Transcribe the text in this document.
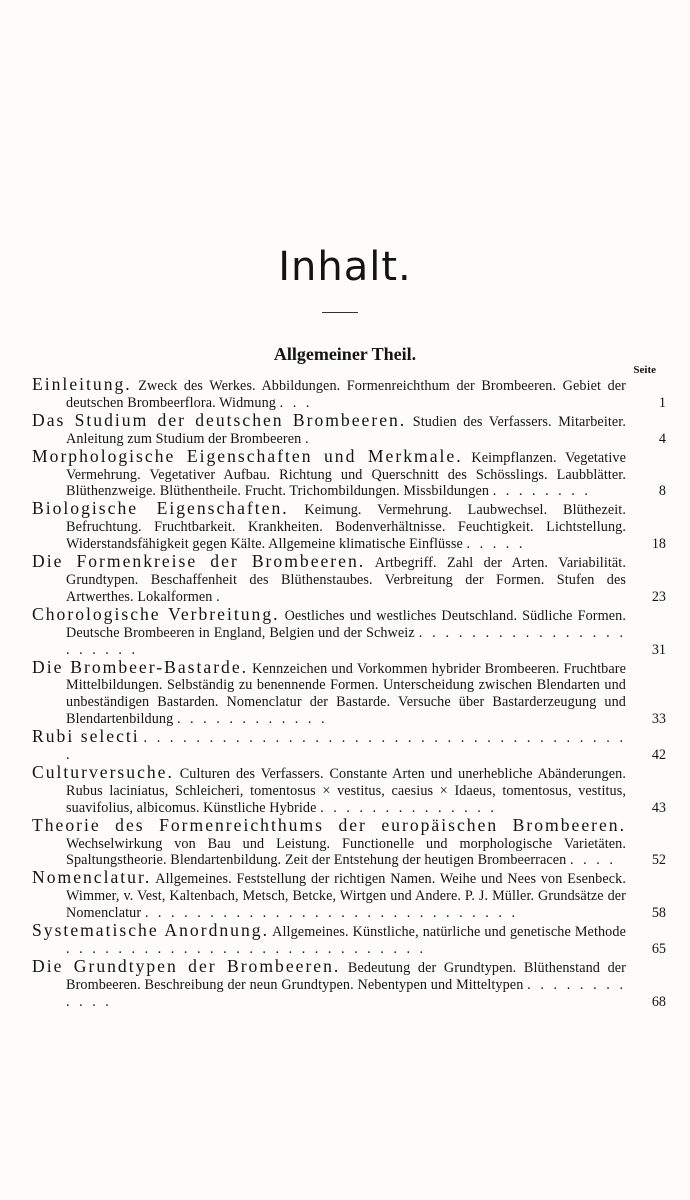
Inhalt.
Allgemeiner Theil.
Seite
Einleitung. Zweck des Werkes. Abbildungen. Formenreichthum der Brombeeren. Gebiet der deutschen Brombeerflora. Widmung . . .	1
Das Studium der deutschen Brombeeren. Studien des Verfassers. Mitarbeiter. Anleitung zum Studium der Brombeeren .	4
Morphologische Eigenschaften und Merkmale. Keimpflanzen. Vegetative Vermehrung. Vegetativer Aufbau. Richtung und Querschnitt des Schösslings. Laubblätter. Blüthenzweige. Blüthentheile. Frucht. Trichombildungen. Missbildungen . . . . . . . .	8
Biologische Eigenschaften. Keimung. Vermehrung. Laubwechsel. Blüthezeit. Befruchtung. Fruchtbarkeit. Krankheiten. Bodenverhältnisse. Feuchtigkeit. Lichtstellung. Widerstandsfähigkeit gegen Kälte. Allgemeine klimatische Einflüsse . . . . .	18
Die Formenkreise der Brombeeren. Artbegriff. Zahl der Arten. Variabilität. Grundtypen. Beschaffenheit des Blüthenstaubes. Verbreitung der Formen. Stufen des Artwerthes. Lokalformen .	23
Chorologische Verbreitung. Oestliches und westliches Deutschland. Südliche Formen. Deutsche Brombeeren in England, Belgien und der Schweiz . . . . . . . . . . . . . . . . . . . . . .	31
Die Brombeer-Bastarde. Kennzeichen und Vorkommen hybrider Brombeeren. Fruchtbare Mittelbildungen. Selbständig zu benennende Formen. Unterscheidung zwischen Blendarten und unbeständigen Bastarden. Nomenclatur der Bastarde. Versuche über Bastarderzeugung und Blendartenbildung . . . . . . . . . . . .	33
Rubi selecti . . . . . . . . . . . . . . . . . . . . . . . . . . . . . . . . . . . . . .	42
Culturversuche. Culturen des Verfassers. Constante Arten und unerhebliche Abänderungen. Rubus laciniatus, Schleicheri, tomentosus × vestitus, caesius × Idaeus, tomentosus, vestitus, suavifolius, albicomus. Künstliche Hybride . . . . . . . . . . . . . .	43
Theorie des Formenreichthums der europäischen Brombeeren. Wechselwirkung von Bau und Leistung. Functionelle und morphologische Varietäten. Spaltungstheorie. Blendartenbildung. Zeit der Entstehung der heutigen Brombeerracen . . . .	52
Nomenclatur. Allgemeines. Feststellung der richtigen Namen. Weihe und Nees von Esenbeck. Wimmer, v. Vest, Kaltenbach, Metsch, Betcke, Wirtgen und Andere. P. J. Müller. Grundsätze der Nomenclatur . . . . . . . . . . . . . . . . . . . . . . . . . . . . .	58
Systematische Anordnung. Allgemeines. Künstliche, natürliche und genetische Methode . . . . . . . . . . . . . . . . . . . . . . . . . . . .	65
Die Grundtypen der Brombeeren. Bedeutung der Grundtypen. Blüthenstand der Brombeeren. Beschreibung der neun Grundtypen. Nebentypen und Mitteltypen . . . . . . . . . . . .	68
